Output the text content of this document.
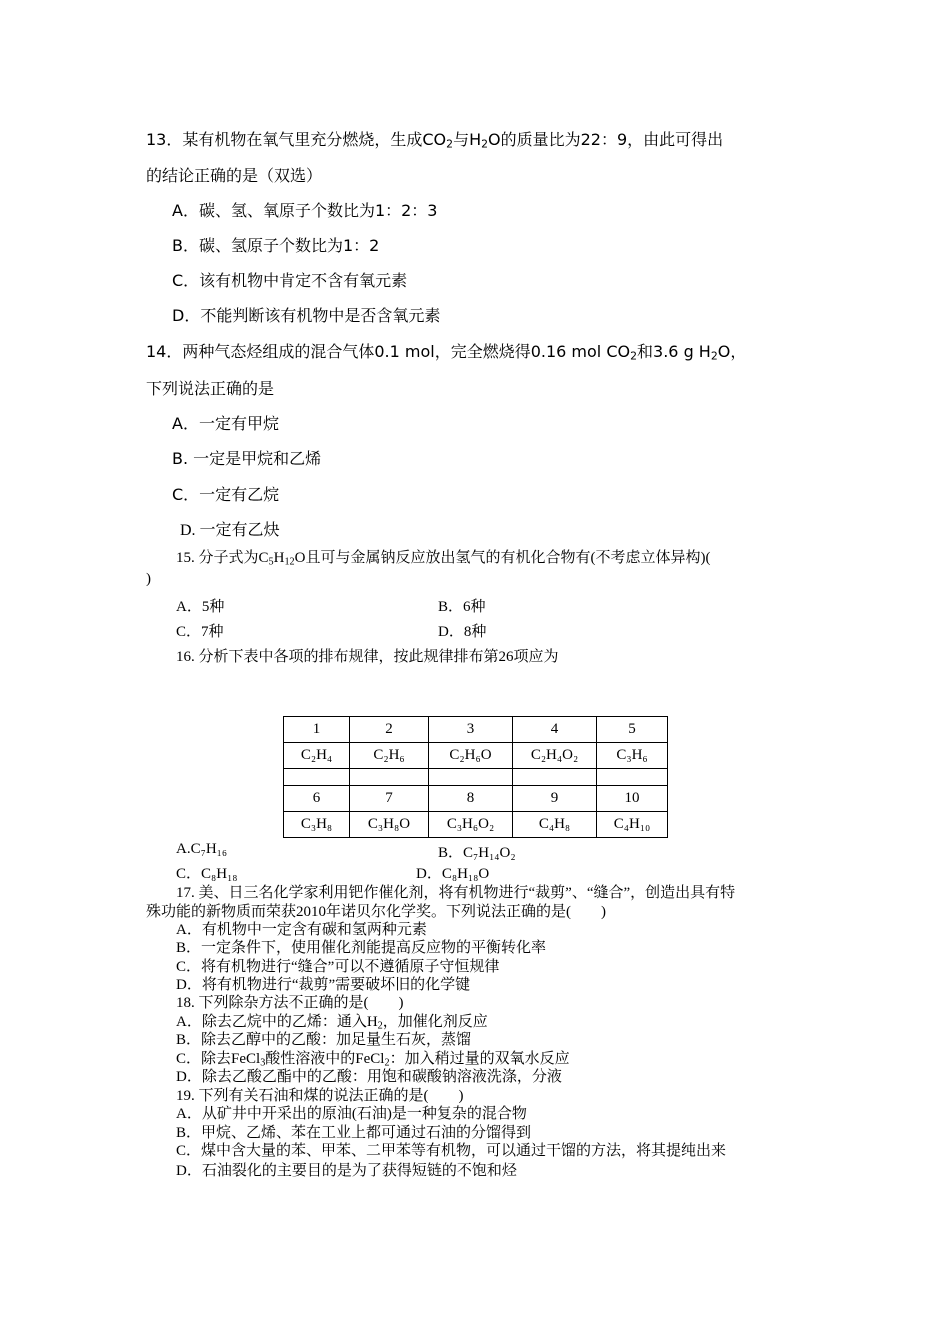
13．某有机物在氧气里充分燃烧，生成$CO_2$与$H_2O$的质量比为22：9，由此可得出
的结论正确的是（双选）
A．碳、氢、氧原子个数比为1：2：3
B．碳、氢原子个数比为1：2
C．该有机物中肯定不含有氧元素
D．不能判断该有机物中是否含氧元素
14．两种气态烃组成的混合气体0.1 mol，完全燃烧得0.16 mol $CO_2$和3.6 g $H_2O$，
下列说法正确的是
A．一定有甲烷
B. 一定是甲烷和乙烯
C．一定有乙烷
D. 一定有乙炔
15. 分子式为$C_5H_{12}O$且可与金属钠反应放出氢气的有机化合物有(不考虑立体异构)(
)
A．5种	B．6种
C．7种	D．8种
16. 分析下表中各项的排布规律，按此规律排布第26项应为
1	2	3	4	5
C₂H₄	C₂H₆	C₂H₆O	C₂H₄O₂	C₃H₆

6	7	8	9	10
C₃H₈	C₃H₈O	C₃H₆O₂	C₄H₈	C₄H₁₀
A.C₇H₁₆	B．C₇H₁₄O₂
C．C₈H₁₈	D．C₈H₁₈O
17. 美、日三名化学家利用钯作催化剂，将有机物进行“裁剪”、“缝合”，创造出具有特
殊功能的新物质而荣获2010年诺贝尔化学奖。下列说法正确的是(　　)
A．有机物中一定含有碳和氢两种元素
B．一定条件下，使用催化剂能提高反应物的平衡转化率
C．将有机物进行“缝合”可以不遵循原子守恒规律
D．将有机物进行“裁剪”需要破坏旧的化学键
18. 下列除杂方法不正确的是(　　)
A．除去乙烷中的乙烯：通入$H_2$，加催化剂反应
B．除去乙醇中的乙酸：加足量生石灰，蒸馏
C．除去FeCl$_3$酸性溶液中的FeCl$_2$：加入稍过量的双氧水反应
D．除去乙酸乙酯中的乙酸：用饱和碳酸钠溶液洗涤，分液
19. 下列有关石油和煤的说法正确的是(　　)
A．从矿井中开采出的原油(石油)是一种复杂的混合物
B．甲烷、乙烯、苯在工业上都可通过石油的分馏得到
C．煤中含大量的苯、甲苯、二甲苯等有机物，可以通过干馏的方法，将其提纯出来
D．石油裂化的主要目的是为了获得短链的不饱和烃
